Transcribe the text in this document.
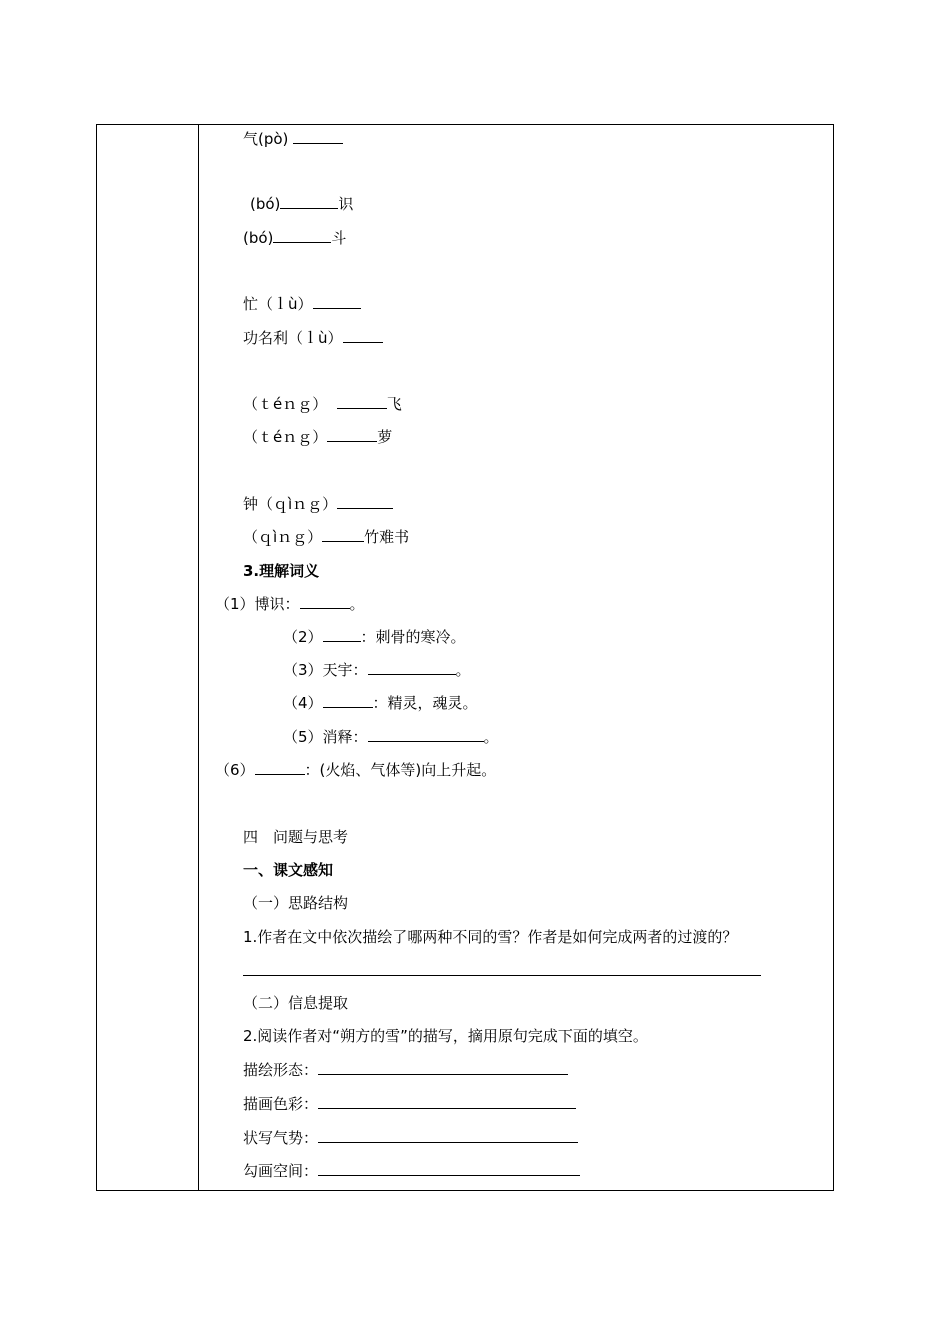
气(pò)
(bó)	识
(bó)	斗
忙（ｌù）
功名利（ｌù）
（ｔéｎｇ）	飞
（ｔéｎｇ）	萝
钟（ｑìｎｇ）
（ｑìｎｇ）	竹难书
3.理解词义
（1）博识：	。
（2）	：刺骨的寒冷。
（3）天宇：	。
（4）	：精灵，魂灵。
（5）消释：	。
（6）	：(火焰、气体等)向上升起。
四　问题与思考
一、课文感知
（一）思路结构
1.作者在文中依次描绘了哪两种不同的雪？作者是如何完成两者的过渡的？
（二）信息提取
2.阅读作者对“朔方的雪”的描写，摘用原句完成下面的填空。
描绘形态：
描画色彩：
状写气势：
勾画空间：
